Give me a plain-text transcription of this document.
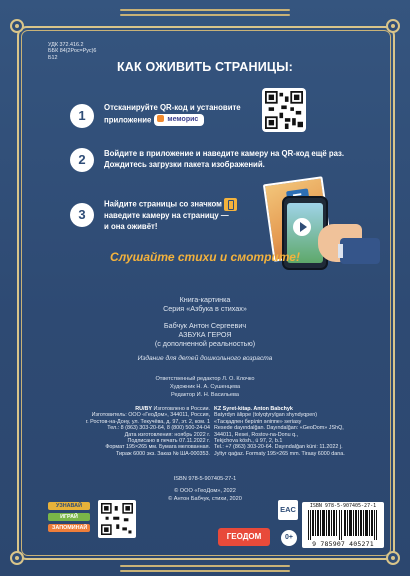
УДК 372.416.2
ББК 84(2Рос=Рус)6
Б12
КАК ОЖИВИТЬ СТРАНИЦЫ:
1
Отсканируйте QR-код и установите
приложение мемoрис
2	Войдите в приложение и наведите камеру на QR-код ещё раз.
Дождитесь загрузки пакета изображений.
3
Найдите страницы со значком
наведите камеру на страницу —
и она оживёт!
Слушайте стихи и смотрите!
Книга-картинка
Серия «Азбука в стихах»
Бабчук Антон Сергеевич
АЗБУКА ГЕРОЯ
(с дополненной реальностью)
Издание для детей дошкольного возраста
Ответственный редактор Л. О. Клочко
Художник Н. А. Сушенцева
Редактор И. Н. Васильева
RU/BY Изготовлено в России.
Изготовитель: ООО «ГеоДом», 344011, Россия,
г. Ростов-на-Дону, ул. Текучёва, д. 97, эт. 2, ком. 1
Тел.: 8 (863) 303-20-64, 8 (800) 500-24-04
Дата изготовления: ноябрь 2022 г.
Подписано в печать 07.11.2022 г.
Формат 195×265 мм. Бумага мелованная.
Тираж 6000 экз. Заказ № ША-000353.
KZ Syret-kitap. Anton Babchyk
Batyrdyn älippe (tolyqtyrylgan shyndyqpen)
«Тасқадпен беріліп әліппе» seriasy
Resede dayındalğan. Dayındalğan: «GeoDom» JShQ,
344011, Resei, Rostov-na-Donu q.,
Tekjchova kösh., ü 97, 2, b.1
Tel.: +7 (863) 303-20-64. Dayındalğan küni: 11.2022 j.
Jyltyr qaǵaz. Formaty 195×265 mm. Tiraay 6000 dana.
ISBN 978-5-907405-27-1
© ООО «ГеоДом», 2022
© Антон Бабчук, стихи, 2020
УЗНАВАЙ
ИГРАЙ
ЗАПОМИНАЙ
ГЕОДОМ
EAC
0+
ISBN 978-5-907405-27-1
9 785907 405271
